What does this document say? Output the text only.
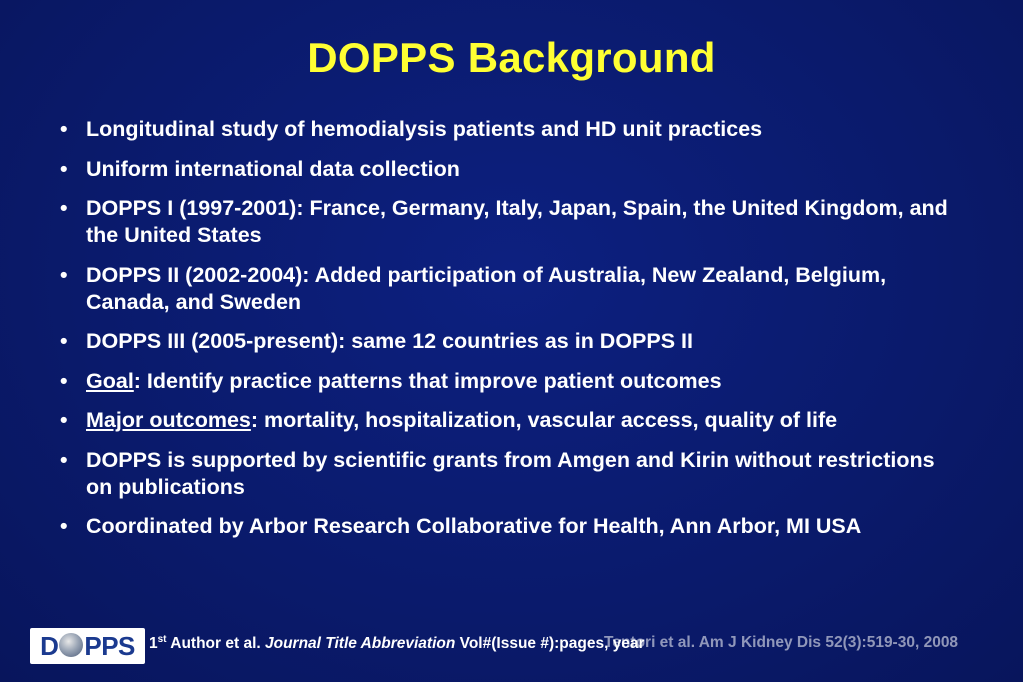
DOPPS Background
• Longitudinal study of hemodialysis patients and HD unit practices
• Uniform international data collection
• DOPPS I (1997-2001): France, Germany, Italy, Japan, Spain, the United Kingdom, and the United States
• DOPPS II (2002-2004): Added participation of Australia, New Zealand, Belgium, Canada, and Sweden
• DOPPS III (2005-present): same 12 countries as in DOPPS II
• Goal: Identify practice patterns that improve patient outcomes
• Major outcomes: mortality, hospitalization, vascular access, quality of life
• DOPPS is supported by scientific grants from Amgen and Kirin without restrictions on publications
• Coordinated by Arbor Research Collaborative for Health, Ann Arbor, MI USA
D PPS 1st Author et al. Journal Title Abbreviation Vol#(Issue #):pages, year
Tentori et al. Am J Kidney Dis 52(3):519-30, 2008
